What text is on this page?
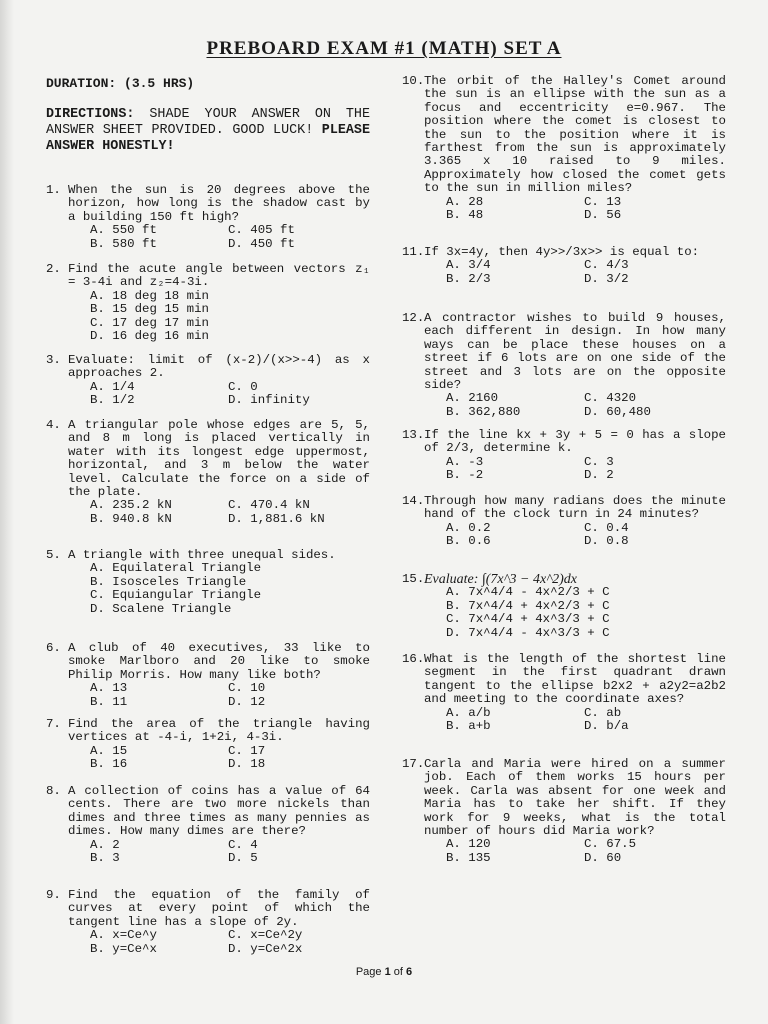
PREBOARD EXAM #1 (MATH) SET A
DURATION: (3.5 HRS)
DIRECTIONS: SHADE YOUR ANSWER ON THE ANSWER SHEET PROVIDED. GOOD LUCK! PLEASE ANSWER HONESTLY!
1. When the sun is 20 degrees above the horizon, how long is the shadow cast by a building 150 ft high?
A. 550 ft	C. 405 ft
B. 580 ft	D. 450 ft
2. Find the acute angle between vectors z₁ = 3-4i and z₂=4-3i.
A. 18 deg 18 min
B. 15 deg 15 min
C. 17 deg 17 min
D. 16 deg 16 min
3. Evaluate: limit of (x-2)/(x>>-4) as x approaches 2.
A. 1/4	C. 0
B. 1/2	D. infinity
4. A triangular pole whose edges are 5, 5, and 8 m long is placed vertically in water with its longest edge uppermost, horizontal, and 3 m below the water level. Calculate the force on a side of the plate.
A. 235.2 kN	C. 470.4 kN
B. 940.8 kN	D. 1,881.6 kN
5. A triangle with three unequal sides.
A. Equilateral Triangle
B. Isosceles Triangle
C. Equiangular Triangle
D. Scalene Triangle
6. A club of 40 executives, 33 like to smoke Marlboro and 20 like to smoke Philip Morris. How many like both?
A. 13	C. 10
B. 11	D. 12
7. Find the area of the triangle having vertices at -4-i, 1+2i, 4-3i.
A. 15	C. 17
B. 16	D. 18
8. A collection of coins has a value of 64 cents. There are two more nickels than dimes and three times as many pennies as dimes. How many dimes are there?
A. 2	C. 4
B. 3	D. 5
9. Find the equation of the family of curves at every point of which the tangent line has a slope of 2y.
A. x=Ce^y	C. x=Ce^2y
B. y=Ce^x	D. y=Ce^2x
10. The orbit of the Halley's Comet around the sun is an ellipse with the sun as a focus and eccentricity e=0.967. The position where the comet is closest to the sun to the position where it is farthest from the sun is approximately 3.365 x 10 raised to 9 miles. Approximately how closed the comet gets to the sun in million miles?
A. 28	C. 13
B. 48	D. 56
11. If 3x=4y, then 4y>>/3x>> is equal to:
A. 3/4	C. 4/3
B. 2/3	D. 3/2
12. A contractor wishes to build 9 houses, each different in design. In how many ways can be place these houses on a street if 6 lots are on one side of the street and 3 lots are on the opposite side?
A. 2160	C. 4320
B. 362,880	D. 60,480
13. If the line kx + 3y + 5 = 0 has a slope of 2/3, determine k.
A. -3	C. 3
B. -2	D. 2
14. Through how many radians does the minute hand of the clock turn in 24 minutes?
A. 0.2	C. 0.4
B. 0.6	D. 0.8
15. Evaluate: ∫(7x^3 − 4x^2)dx
A. 7x^4/4 - 4x^2/3 + C
B. 7x^4/4 + 4x^2/3 + C
C. 7x^4/4 + 4x^3/3 + C
D. 7x^4/4 - 4x^3/3 + C
16. What is the length of the shortest line segment in the first quadrant drawn tangent to the ellipse b2x2 + a2y2=a2b2 and meeting to the coordinate axes?
A. a/b	C. ab
B. a+b	D. b/a
17. Carla and Maria were hired on a summer job. Each of them works 15 hours per week. Carla was absent for one week and Maria has to take her shift. If they work for 9 weeks, what is the total number of hours did Maria work?
A. 120	C. 67.5
B. 135	D. 60
Page 1 of 6
